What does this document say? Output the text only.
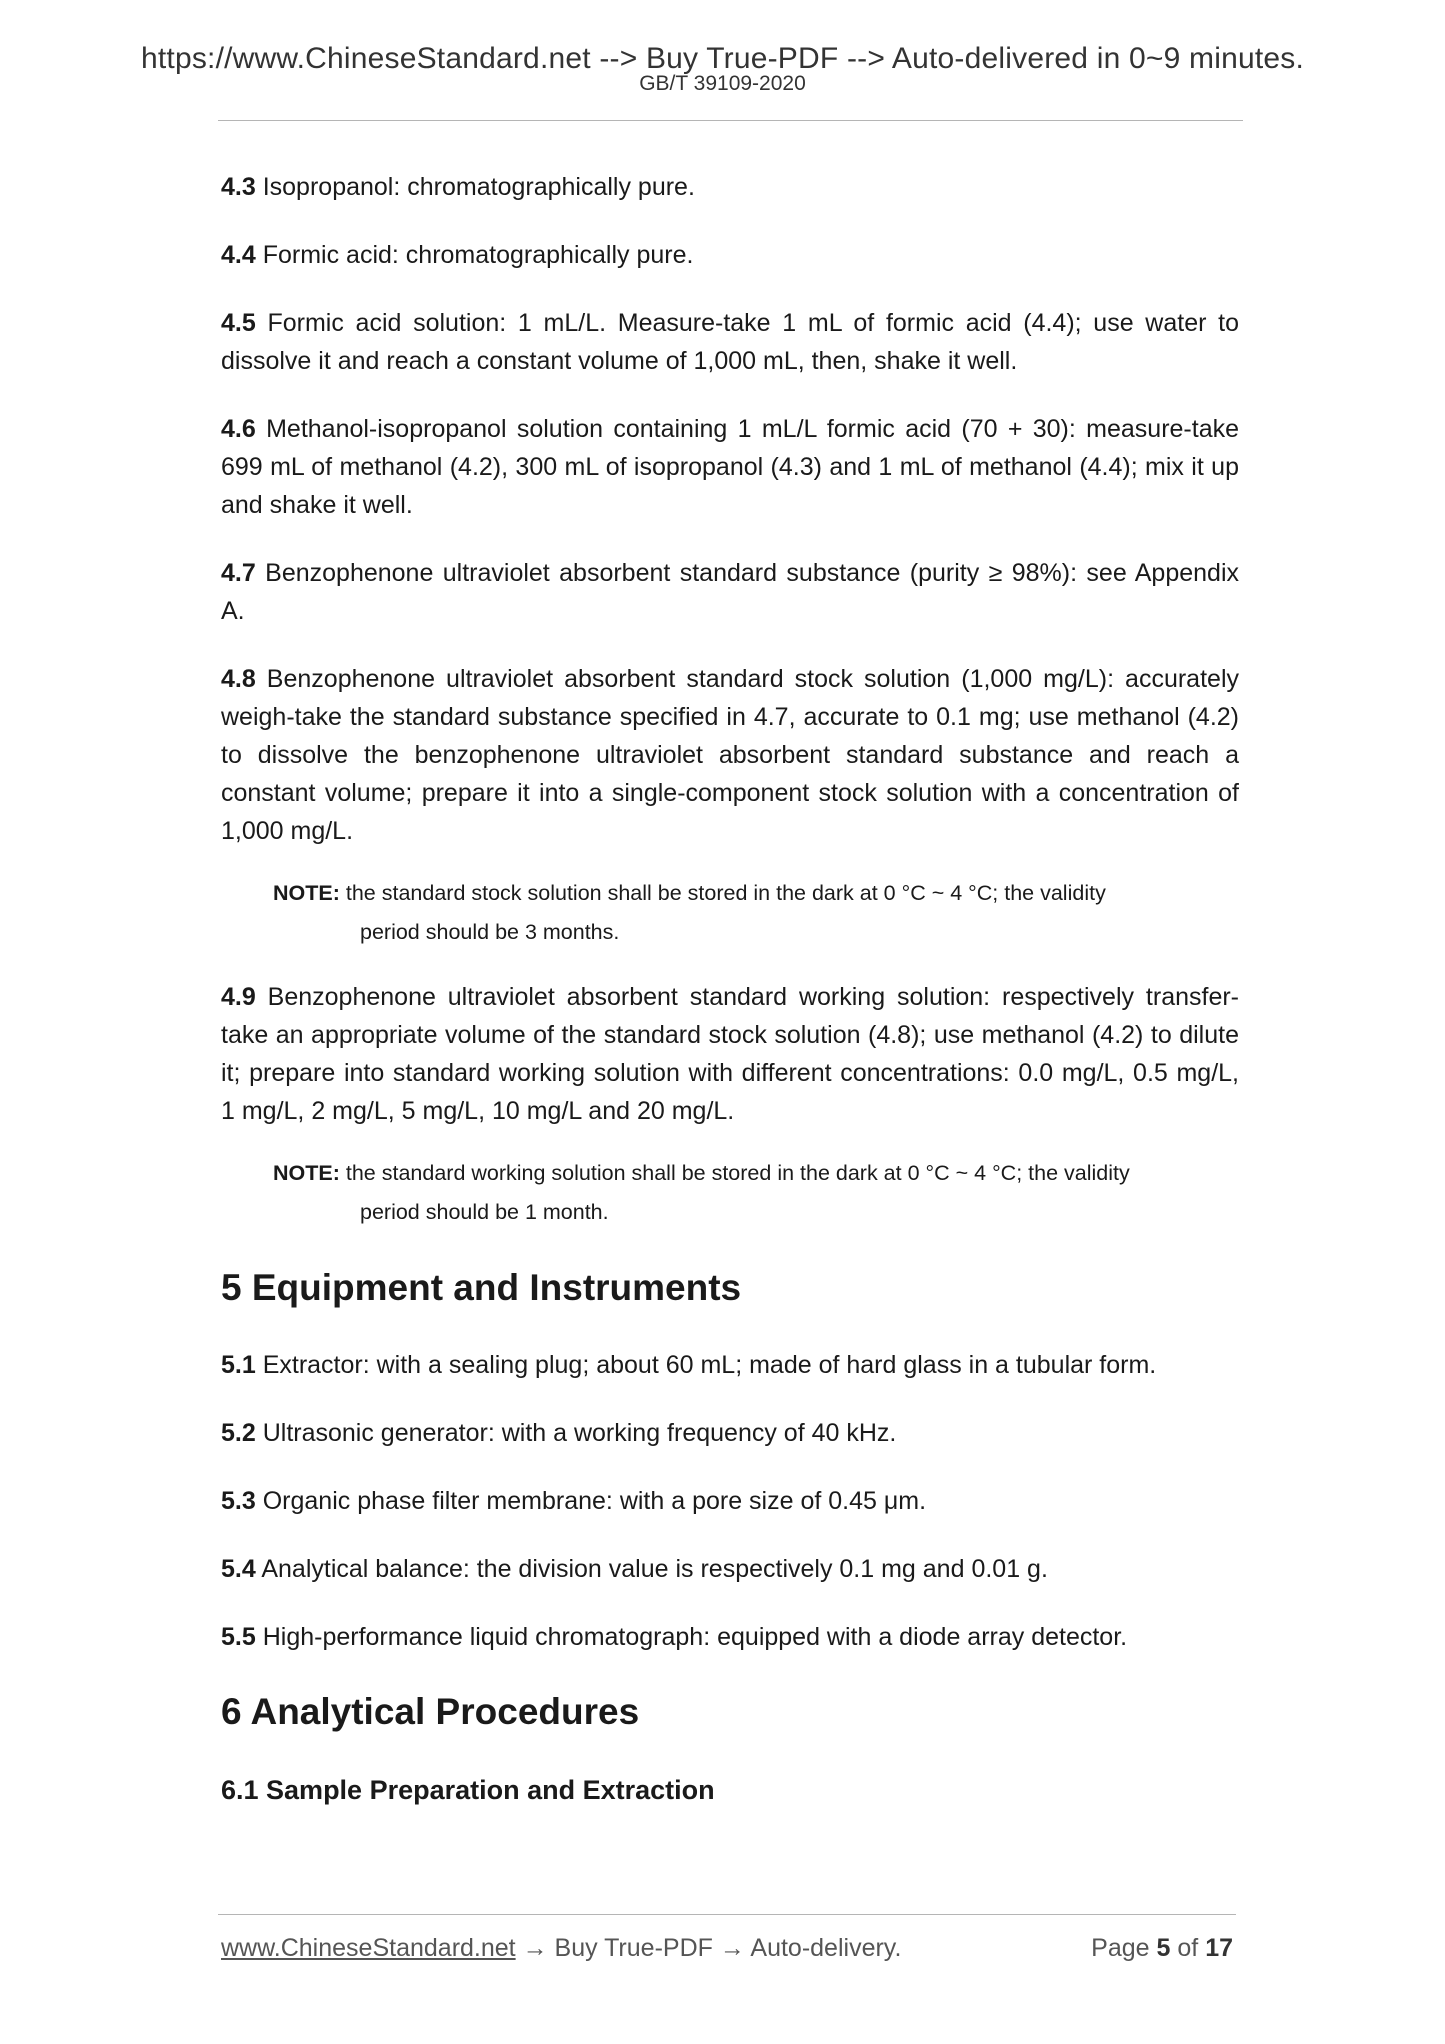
https://www.ChineseStandard.net --> Buy True-PDF --> Auto-delivered in 0~9 minutes.
GB/T 39109-2020

4.3 Isopropanol: chromatographically pure.

4.4 Formic acid: chromatographically pure.

4.5 Formic acid solution: 1 mL/L. Measure-take 1 mL of formic acid (4.4); use water to dissolve it and reach a constant volume of 1,000 mL, then, shake it well.

4.6 Methanol-isopropanol solution containing 1 mL/L formic acid (70 + 30): measure-take 699 mL of methanol (4.2), 300 mL of isopropanol (4.3) and 1 mL of methanol (4.4); mix it up and shake it well.

4.7 Benzophenone ultraviolet absorbent standard substance (purity ≥ 98%): see Appendix A.

4.8 Benzophenone ultraviolet absorbent standard stock solution (1,000 mg/L): accurately weigh-take the standard substance specified in 4.7, accurate to 0.1 mg; use methanol (4.2) to dissolve the benzophenone ultraviolet absorbent standard substance and reach a constant volume; prepare it into a single-component stock solution with a concentration of 1,000 mg/L.

NOTE: the standard stock solution shall be stored in the dark at 0 °C ~ 4 °C; the validity
period should be 3 months.

4.9 Benzophenone ultraviolet absorbent standard working solution: respectively transfer-take an appropriate volume of the standard stock solution (4.8); use methanol (4.2) to dilute it; prepare into standard working solution with different concentrations: 0.0 mg/L, 0.5 mg/L, 1 mg/L, 2 mg/L, 5 mg/L, 10 mg/L and 20 mg/L.

NOTE: the standard working solution shall be stored in the dark at 0 °C ~ 4 °C; the validity
period should be 1 month.
5 Equipment and Instruments

5.1 Extractor: with a sealing plug; about 60 mL; made of hard glass in a tubular form.

5.2 Ultrasonic generator: with a working frequency of 40 kHz.

5.3 Organic phase filter membrane: with a pore size of 0.45 μm.

5.4 Analytical balance: the division value is respectively 0.1 mg and 0.01 g.

5.5 High-performance liquid chromatograph: equipped with a diode array detector.

6 Analytical Procedures
6.1 Sample Preparation and Extraction
www.ChineseStandard.net → Buy True-PDF → Auto-delivery.	Page 5 of 17
